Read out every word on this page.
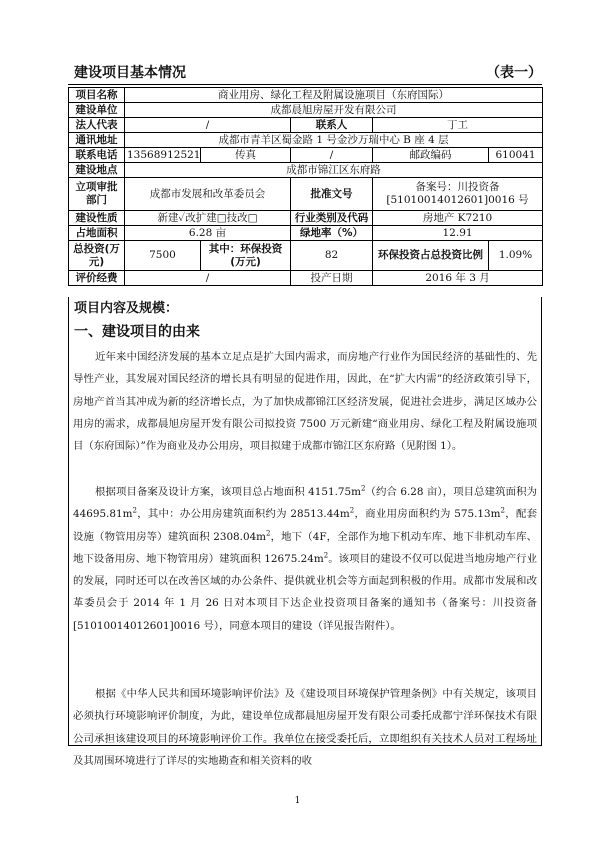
建设项目基本情况	（表一）
项目名称	商业用房、绿化工程及附属设施项目（东府国际）				
建设单位	成都晨旭房屋开发有限公司				
法人代表	/		联系人	丁工	
通讯地址	成都市青羊区蜀金路 1 号金沙万瑞中心 B 座 4 层				
联系电话	13568912521	传真	/	邮政编码	610041
建设地点	成都市锦江区东府路				
立项审批部门	成都市发展和改革委员会		批准文号	备案号：川投资备[51010014012601]0016 号	
建设性质	新建✓改扩建□技改□		行业类别及代码	房地产 K7210	
占地面积	6.28 亩		绿地率（%）	12.91	
总投资(万元)	7500	其中：环保投资(万元)	82	环保投资占总投资比例	1.09%
评价经费	/		投产日期	2016 年 3 月	
项目内容及规模：
一、建设项目的由来

近年来中国经济发展的基本立足点是扩大国内需求，而房地产行业作为国民经济的基础性的、先导性产业，其发展对国民经济的增长具有明显的促进作用，因此，在“扩大内需”的经济政策引导下，房地产首当其冲成为新的经济增长点，为了加快成都锦江区经济发展，促进社会进步，满足区域办公用房的需求，成都晨旭房屋开发有限公司拟投资 7500 万元新建“商业用房、绿化工程及附属设施项目（东府国际）”作为商业及办公用房，项目拟建于成都市锦江区东府路（见附图 1）。

根据项目备案及设计方案，该项目总占地面积 $4151.75m^2$（约合 6.28 亩），项目总建筑面积为 $44695.81m^2$，其中：办公用房建筑面积约为 $28513.44m^2$，商业用房面积约为 $575.13m^2$，配套设施（物管用房等）建筑面积 $2308.04m^2$，地下（4F，全部作为地下机动车库、地下非机动车库、地下设备用房、地下物管用房）建筑面积 $12675.24m^2$。该项目的建设不仅可以促进当地房地产行业的发展，同时还可以在改善区域的办公条件、提供就业机会等方面起到积极的作用。成都市发展和改革委员会于 2014 年 1 月 26 日对本项目下达企业投资项目备案的通知书（备案号：川投资备[51010014012601]0016 号），同意本项目的建设（详见报告附件）。

根据《中华人民共和国环境影响评价法》及《建设项目环境保护管理条例》中有关规定，该项目必须执行环境影响评价制度，为此，建设单位成都晨旭房屋开发有限公司委托成都宁洋环保技术有限公司承担该建设项目的环境影响评价工作。我单位在接受委托后，立即组织有关技术人员对工程场址及其周围环境进行了详尽的实地勘查和相关资料的收

1
